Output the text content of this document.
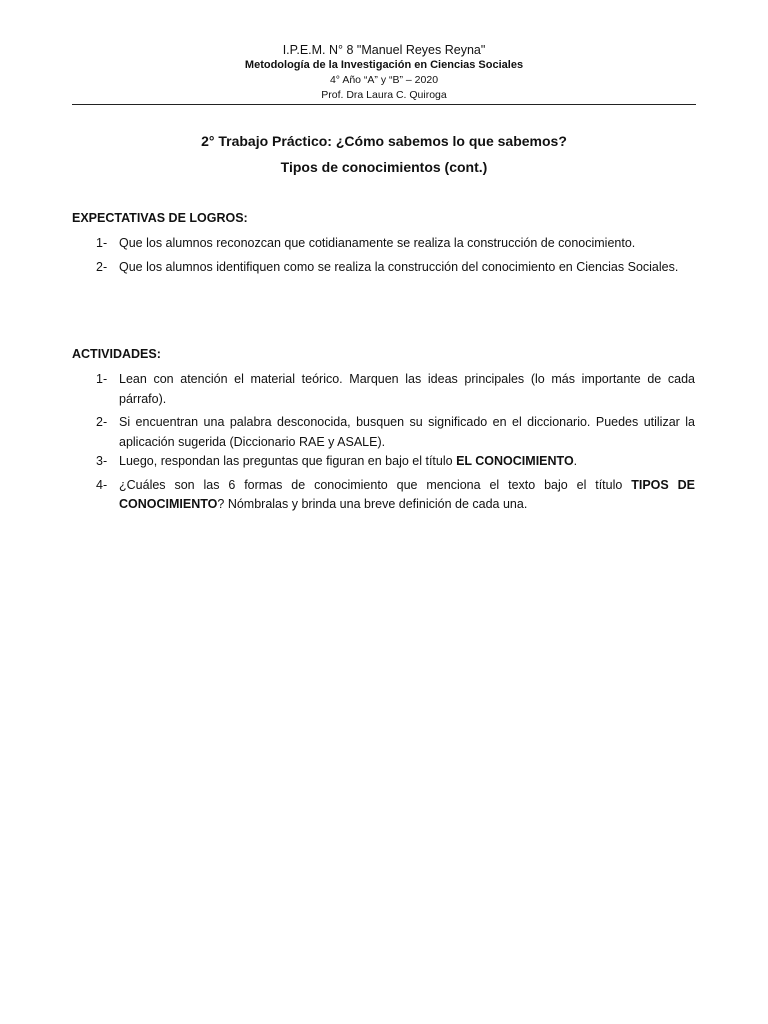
I.P.E.M. N° 8 "Manuel Reyes Reyna"

Metodología de la Investigación en Ciencias Sociales

4° Año “A” y “B” – 2020

Prof. Dra Laura C. Quiroga

2° Trabajo Práctico: ¿Cómo sabemos lo que sabemos?
Tipos de conocimientos (cont.)
EXPECTATIVAS DE LOGROS:
1- Que los alumnos reconozcan que cotidianamente se realiza la construcción de conocimiento.
2- Que los alumnos identifiquen como se realiza la construcción del conocimiento en Ciencias Sociales.
ACTIVIDADES:
1- Lean con atención el material teórico. Marquen las ideas principales (lo más importante de cada párrafo).
2- Si encuentran una palabra desconocida, busquen su significado en el diccionario. Puedes utilizar la aplicación sugerida (Diccionario RAE y ASALE).
3- Luego, respondan las preguntas que figuran en bajo el título EL CONOCIMIENTO.
4- ¿Cuáles son las 6 formas de conocimiento que menciona el texto bajo el título TIPOS DE CONOCIMIENTO? Nómbralas y brinda una breve definición de cada una.
